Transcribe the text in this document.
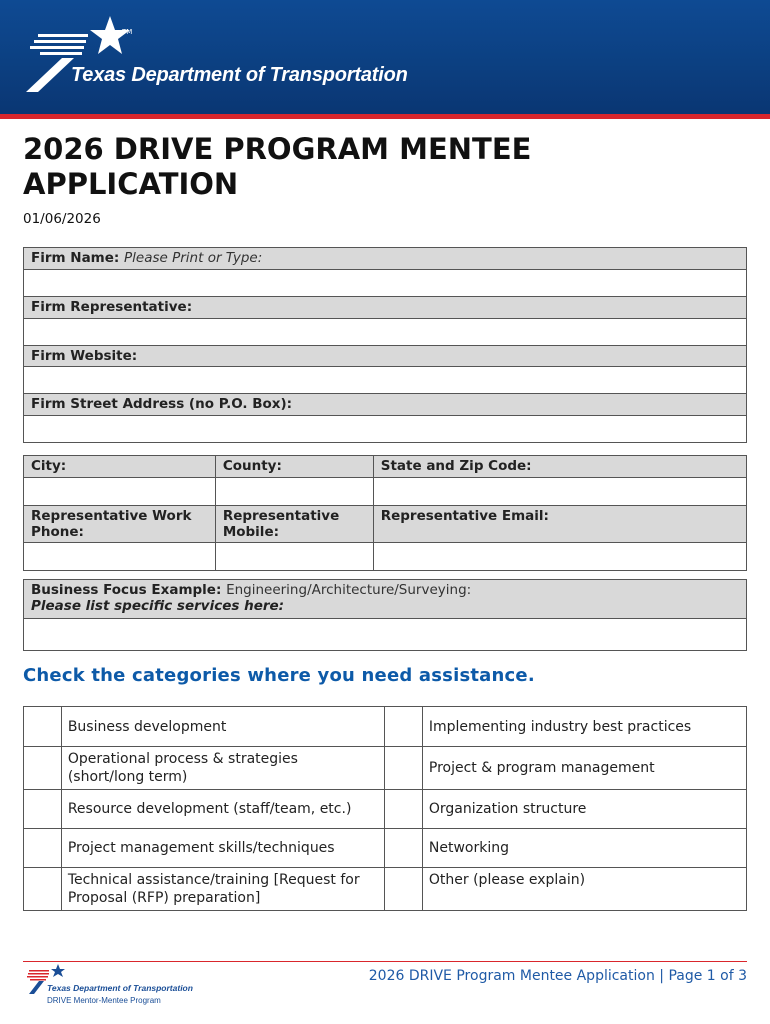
TM
Texas Department of Transportation
2026 DRIVE PROGRAM MENTEE APPLICATION
01/06/2026
Firm Name: Please Print or Type:

Firm Representative:

Firm Website:

Firm Street Address (no P.O. Box):

City:	County:	State and Zip Code:

Representative Work Phone:	Representative Mobile:	Representative Email:

Business Focus Example: Engineering/Architecture/Surveying:
Please list specific services here:

Check the categories where you need assistance.
	Business development		Implementing industry best practices

	Operational process & strategies (short/long term)		Project & program management

	Resource development (staff/team, etc.)		Organization structure

	Project management skills/techniques		Networking

	Technical assistance/training [Request for Proposal (RFP) preparation]		Other (please explain)
Texas Department of Transportation
DRIVE Mentor-Mentee Program
2026 DRIVE Program Mentee Application | Page 1 of 3
